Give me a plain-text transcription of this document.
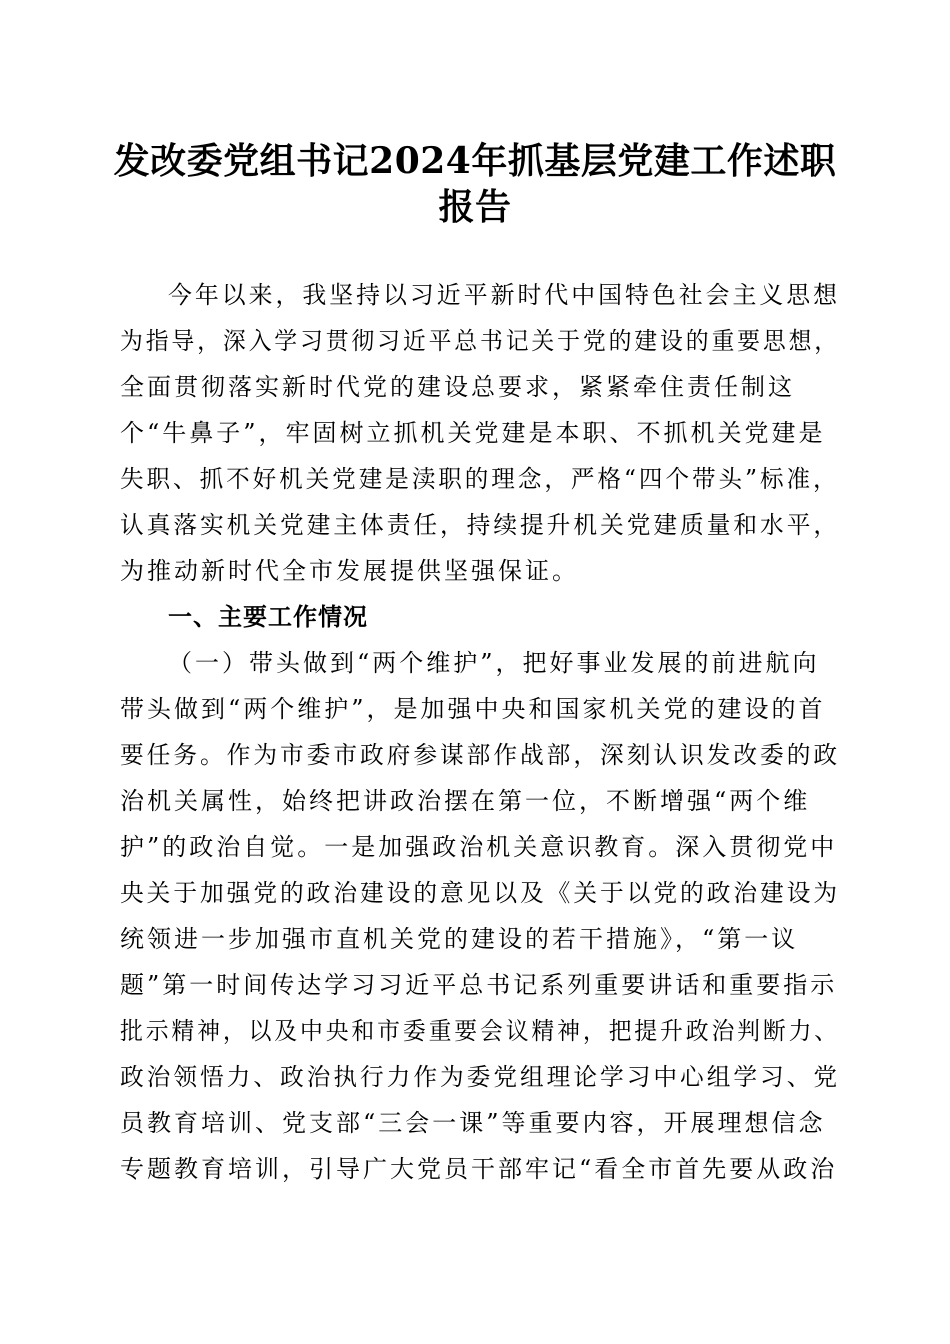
发改委党组书记2024年抓基层党建工作述职
报告
今年以来，我坚持以习近平新时代中国特色社会主义思想
为指导，深入学习贯彻习近平总书记关于党的建设的重要思想，
全面贯彻落实新时代党的建设总要求，紧紧牵住责任制这
个“牛鼻子”，牢固树立抓机关党建是本职、不抓机关党建是
失职、抓不好机关党建是渎职的理念，严格“四个带头”标准，
认真落实机关党建主体责任，持续提升机关党建质量和水平，
为推动新时代全市发展提供坚强保证。
一、主要工作情况
（一）带头做到“两个维护”，把好事业发展的前进航向
带头做到“两个维护”，是加强中央和国家机关党的建设的首
要任务。作为市委市政府参谋部作战部，深刻认识发改委的政
治机关属性，始终把讲政治摆在第一位，不断增强“两个维
护”的政治自觉。一是加强政治机关意识教育。深入贯彻党中
央关于加强党的政治建设的意见以及《关于以党的政治建设为
统领进一步加强市直机关党的建设的若干措施》，“第一议
题”第一时间传达学习习近平总书记系列重要讲话和重要指示
批示精神，以及中央和市委重要会议精神，把提升政治判断力、
政治领悟力、政治执行力作为委党组理论学习中心组学习、党
员教育培训、党支部“三会一课”等重要内容，开展理想信念
专题教育培训，引导广大党员干部牢记“看全市首先要从政治
